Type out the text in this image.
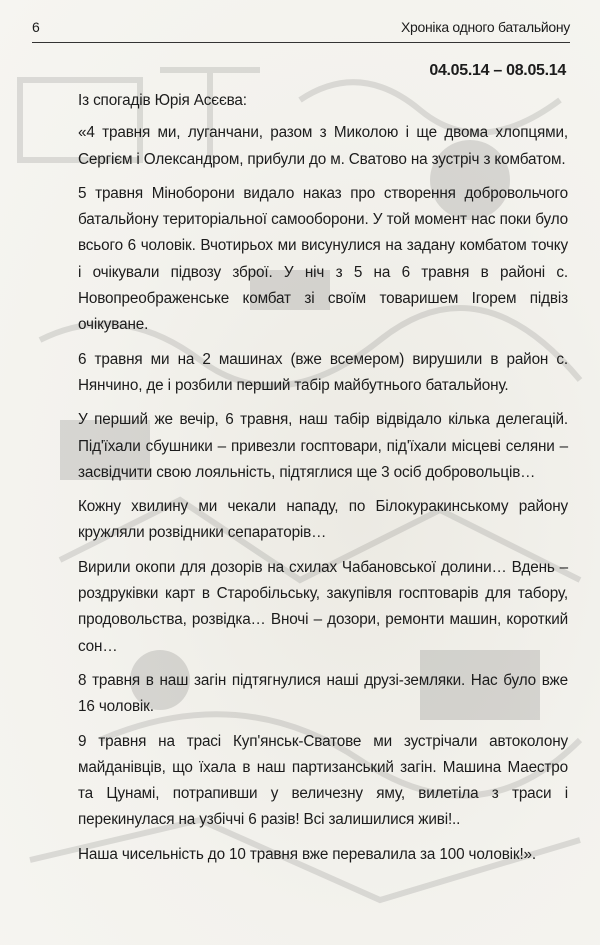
6	Хроніка одного батальйону
04.05.14 – 08.05.14

Із спогадів Юрія Асєєва:

«4 травня ми, луганчани, разом з Миколою і ще двома хлопцями, Сергієм і Олександром, прибули до м. Сватово на зустріч з комбатом.

5 травня Міноборони видало наказ про створення добровольчого батальйону територіальної самооборони. У той момент нас поки було всього 6 чоловік. Вчотирьох ми висунулися на задану комбатом точку і очікували підвозу зброї. У ніч з 5 на 6 травня в районі с. Новопреображенське комбат зі своїм товаришем Ігорем підвіз очікуване.

6 травня ми на 2 машинах (вже всемером) вирушили в район с. Нянчино, де і розбили перший табір майбутнього батальйону.

У перший же вечір, 6 травня, наш табір відвідало кілька делегацій. Під'їхали сбушники – привезли госптовари, під'їхали місцеві селяни – засвідчити свою лояльність, підтяглися ще 3 осіб добровольців…

Кожну хвилину ми чекали нападу, по Білокуракинському району кружляли розвідники сепараторів…

Вирили окопи для дозорів на схилах Чабановської долини… Вдень – роздруківки карт в Старобільську, закупівля госптоварів для табору, продовольства, розвідка… Вночі – дозори, ремонти машин, короткий сон…

8 травня в наш загін підтягнулися наші друзі-земляки. Нас було вже 16 чоловік.

9 травня на трасі Куп'янськ-Сватове ми зустрічали автоколону майданівців, що їхала в наш партизанський загін. Машина Маестро та Цунамі, потрапивши у величезну яму, вилетіла з траси і перекинулася на узбіччі 6 разів! Всі залишилися живі!..

Наша чисельність до 10 травня вже перевалила за 100 чоловік!».
